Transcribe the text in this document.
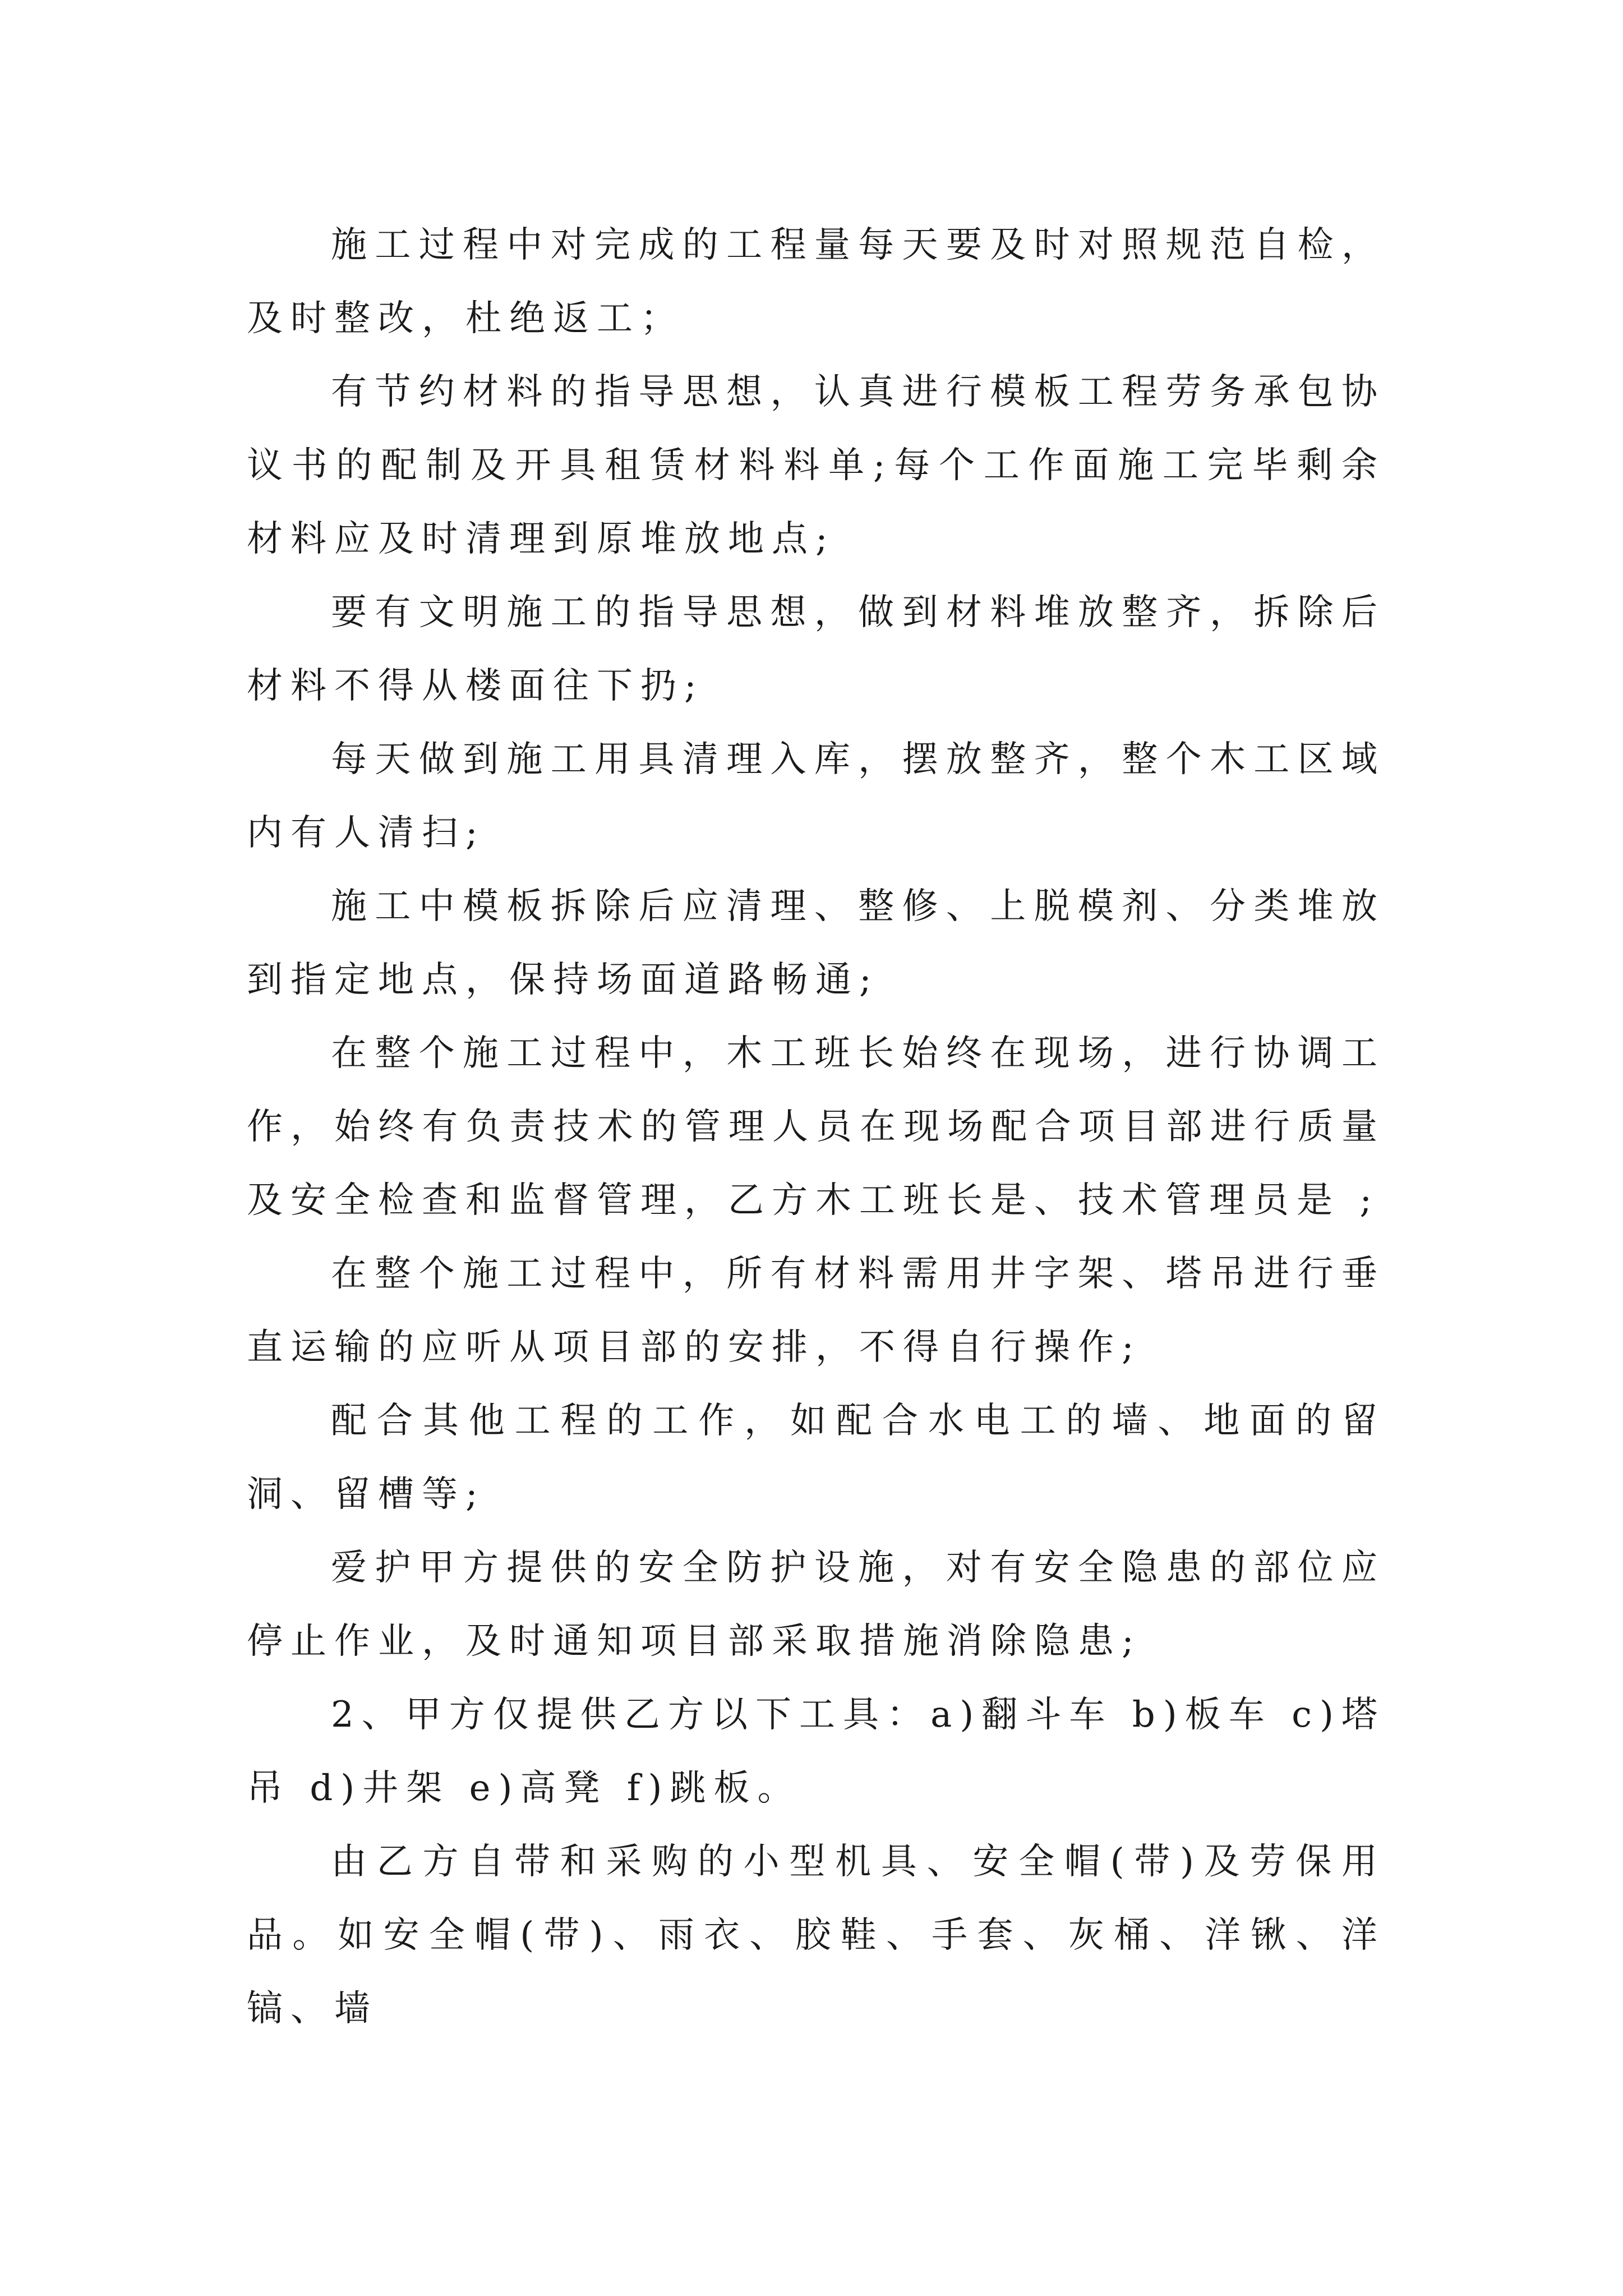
施工过程中对完成的工程量每天要及时对照规范自检，及时整改，杜绝返工；

有节约材料的指导思想，认真进行模板工程劳务承包协议书的配制及开具租赁材料料单;每个工作面施工完毕剩余材料应及时清理到原堆放地点;

要有文明施工的指导思想，做到材料堆放整齐，拆除后材料不得从楼面往下扔;

每天做到施工用具清理入库，摆放整齐，整个木工区域内有人清扫;

施工中模板拆除后应清理、整修、上脱模剂、分类堆放到指定地点，保持场面道路畅通;

在整个施工过程中，木工班长始终在现场，进行协调工作，始终有负责技术的管理人员在现场配合项目部进行质量及安全检查和监督管理，乙方木工班长是、技术管理员是 ;

在整个施工过程中，所有材料需用井字架、塔吊进行垂直运输的应听从项目部的安排，不得自行操作;

配合其他工程的工作，如配合水电工的墙、地面的留洞、留槽等;

爱护甲方提供的安全防护设施，对有安全隐患的部位应停止作业，及时通知项目部采取措施消除隐患;

2、甲方仅提供乙方以下工具：a)翻斗车 b)板车 c)塔吊 d)井架 e)高凳 f)跳板。

由乙方自带和采购的小型机具、安全帽(带)及劳保用品。如安全帽(带)、雨衣、胶鞋、手套、灰桶、洋锹、洋镐、墙
